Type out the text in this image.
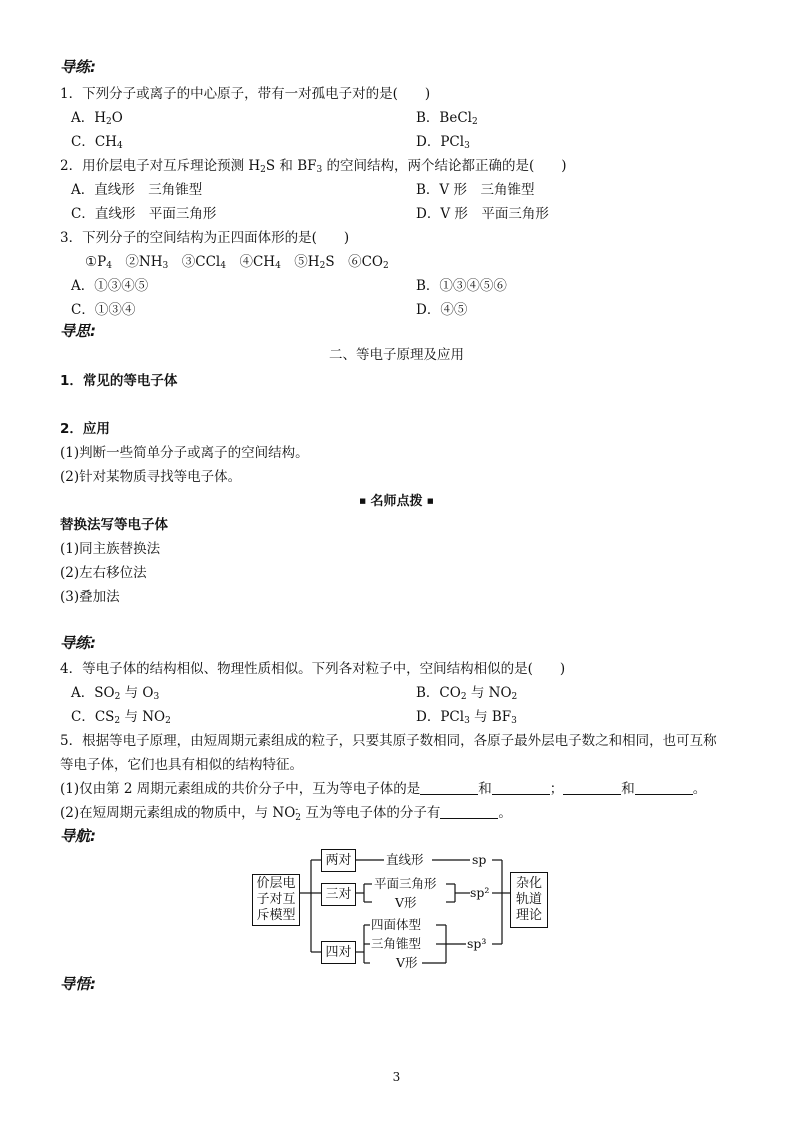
导练:
1．下列分子或离子的中心原子，带有一对孤电子对的是(　　)
A．$H_2O$	B．BeCl$_2$
C．$CH_4$	D．PCl$_3$
2．用价层电子对互斥理论预测 $H_2S$ 和 $BF_3$ 的空间结构，两个结论都正确的是(　　)
A．直线形　三角锥型	B．V 形　三角锥型
C．直线形　平面三角形	D．V 形　平面三角形
3．下列分子的空间结构为正四面体形的是(　　)
$①P_4$　$②NH_3$　③CCl$_4$　$④CH_4$　$⑤H_2S$　$⑥CO_2$
A．①③④⑤	B．①③④⑤⑥
C．①③④	D．④⑤
导思:
二、等电子原理及应用
1．常见的等电子体
2．应用
(1)判断一些简单分子或离子的空间结构。
(2)针对某物质寻找等电子体。
■ 名师点拨 ■
替换法写等电子体
(1)同主族替换法
(2)左右移位法
(3)叠加法
导练:
4．等电子体的结构相似、物理性质相似。下列各对粒子中，空间结构相似的是(　　)
A．$SO_2$ 与 $O_3$	B．$CO_2$ 与 $NO_2$
C．$CS_2$ 与 $NO_2$	D．PCl$_3$ 与 $BF_3$
5．根据等电子原理，由短周期元素组成的粒子，只要其原子数相同，各原子最外层电子数之和相同，也可互称
等电子体，它们也具有相似的结构特征。
(1)仅由第 2 周期元素组成的共价分子中，互为等电子体的是	和	；	和	。
(2)在短周期元素组成的物质中，与 NO -
2 互为等电子体的分子有	。
导航:
价层电
子对互
斥模型
两对
三对
四对
直线形
平面三角形
V形
四面体型
三角锥型
V形
sp
sp²
sp³
杂化
轨道
理论
导悟:
3
